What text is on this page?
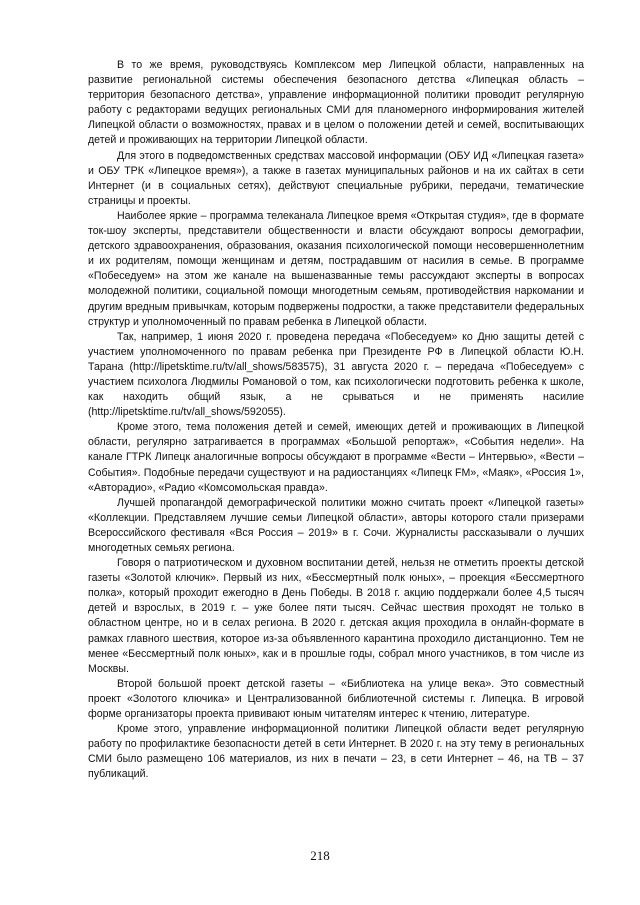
В то же время, руководствуясь Комплексом мер Липецкой области, направленных на развитие региональной системы обеспечения безопасного детства «Липецкая область – территория безопасного детства», управление информационной политики проводит регулярную работу с редакторами ведущих региональных СМИ для планомерного информирования жителей Липецкой области о возможностях, правах и в целом о положении детей и семей, воспитывающих детей и проживающих на территории Липецкой области.

Для этого в подведомственных средствах массовой информации (ОБУ ИД «Липецкая газета» и ОБУ ТРК «Липецкое время»), а также в газетах муниципальных районов и на их сайтах в сети Интернет (и в социальных сетях), действуют специальные рубрики, передачи, тематические страницы и проекты.

Наиболее яркие – программа телеканала Липецкое время «Открытая студия», где в формате ток-шоу эксперты, представители общественности и власти обсуждают вопросы демографии, детского здравоохранения, образования, оказания психологической помощи несовершеннолетним и их родителям, помощи женщинам и детям, пострадавшим от насилия в семье. В программе «Побеседуем» на этом же канале на вышеназванные темы рассуждают эксперты в вопросах молодежной политики, социальной помощи многодетным семьям, противодействия наркомании и другим вредным привычкам, которым подвержены подростки, а также представители федеральных структур и уполномоченный по правам ребенка в Липецкой области.

Так, например, 1 июня 2020 г. проведена передача «Побеседуем» ко Дню защиты детей с участием уполномоченного по правам ребенка при Президенте РФ в Липецкой области Ю.Н. Тарана (http://lipetsktime.ru/tv/all_shows/583575), 31 августа 2020 г. – передача «Побеседуем» с участием психолога Людмилы Романовой о том, как психологически подготовить ребенка к школе, как находить общий язык, а не срываться и не применять насилие (http://lipetsktime.ru/tv/all_shows/592055).

Кроме этого, тема положения детей и семей, имеющих детей и проживающих в Липецкой области, регулярно затрагивается в программах «Большой репортаж», «События недели». На канале ГТРК Липецк аналогичные вопросы обсуждают в программе «Вести – Интервью», «Вести – События». Подобные передачи существуют и на радиостанциях «Липецк FM», «Маяк», «Россия 1», «Авторадио», «Радио «Комсомольская правда».

Лучшей пропагандой демографической политики можно считать проект «Липецкой газеты» «Коллекции. Представляем лучшие семьи Липецкой области», авторы которого стали призерами Всероссийского фестиваля «Вся Россия – 2019» в г. Сочи. Журналисты рассказывали о лучших многодетных семьях региона.

Говоря о патриотическом и духовном воспитании детей, нельзя не отметить проекты детской газеты «Золотой ключик». Первый из них, «Бессмертный полк юных», – проекция «Бессмертного полка», который проходит ежегодно в День Победы. В 2018 г. акцию поддержали более 4,5 тысяч детей и взрослых, в 2019 г. – уже более пяти тысяч. Сейчас шествия проходят не только в областном центре, но и в селах региона. В 2020 г. детская акция проходила в онлайн-формате в рамках главного шествия, которое из-за объявленного карантина проходило дистанционно. Тем не менее «Бессмертный полк юных», как и в прошлые годы, собрал много участников, в том числе из Москвы.

Второй большой проект детской газеты – «Библиотека на улице века». Это совместный проект «Золотого ключика» и Централизованной библиотечной системы г. Липецка. В игровой форме организаторы проекта прививают юным читателям интерес к чтению, литературе.

Кроме этого, управление информационной политики Липецкой области ведет регулярную работу по профилактике безопасности детей в сети Интернет. В 2020 г. на эту тему в региональных СМИ было размещено 106 материалов, из них в печати – 23, в сети Интернет – 46, на ТВ – 37 публикаций.

218
